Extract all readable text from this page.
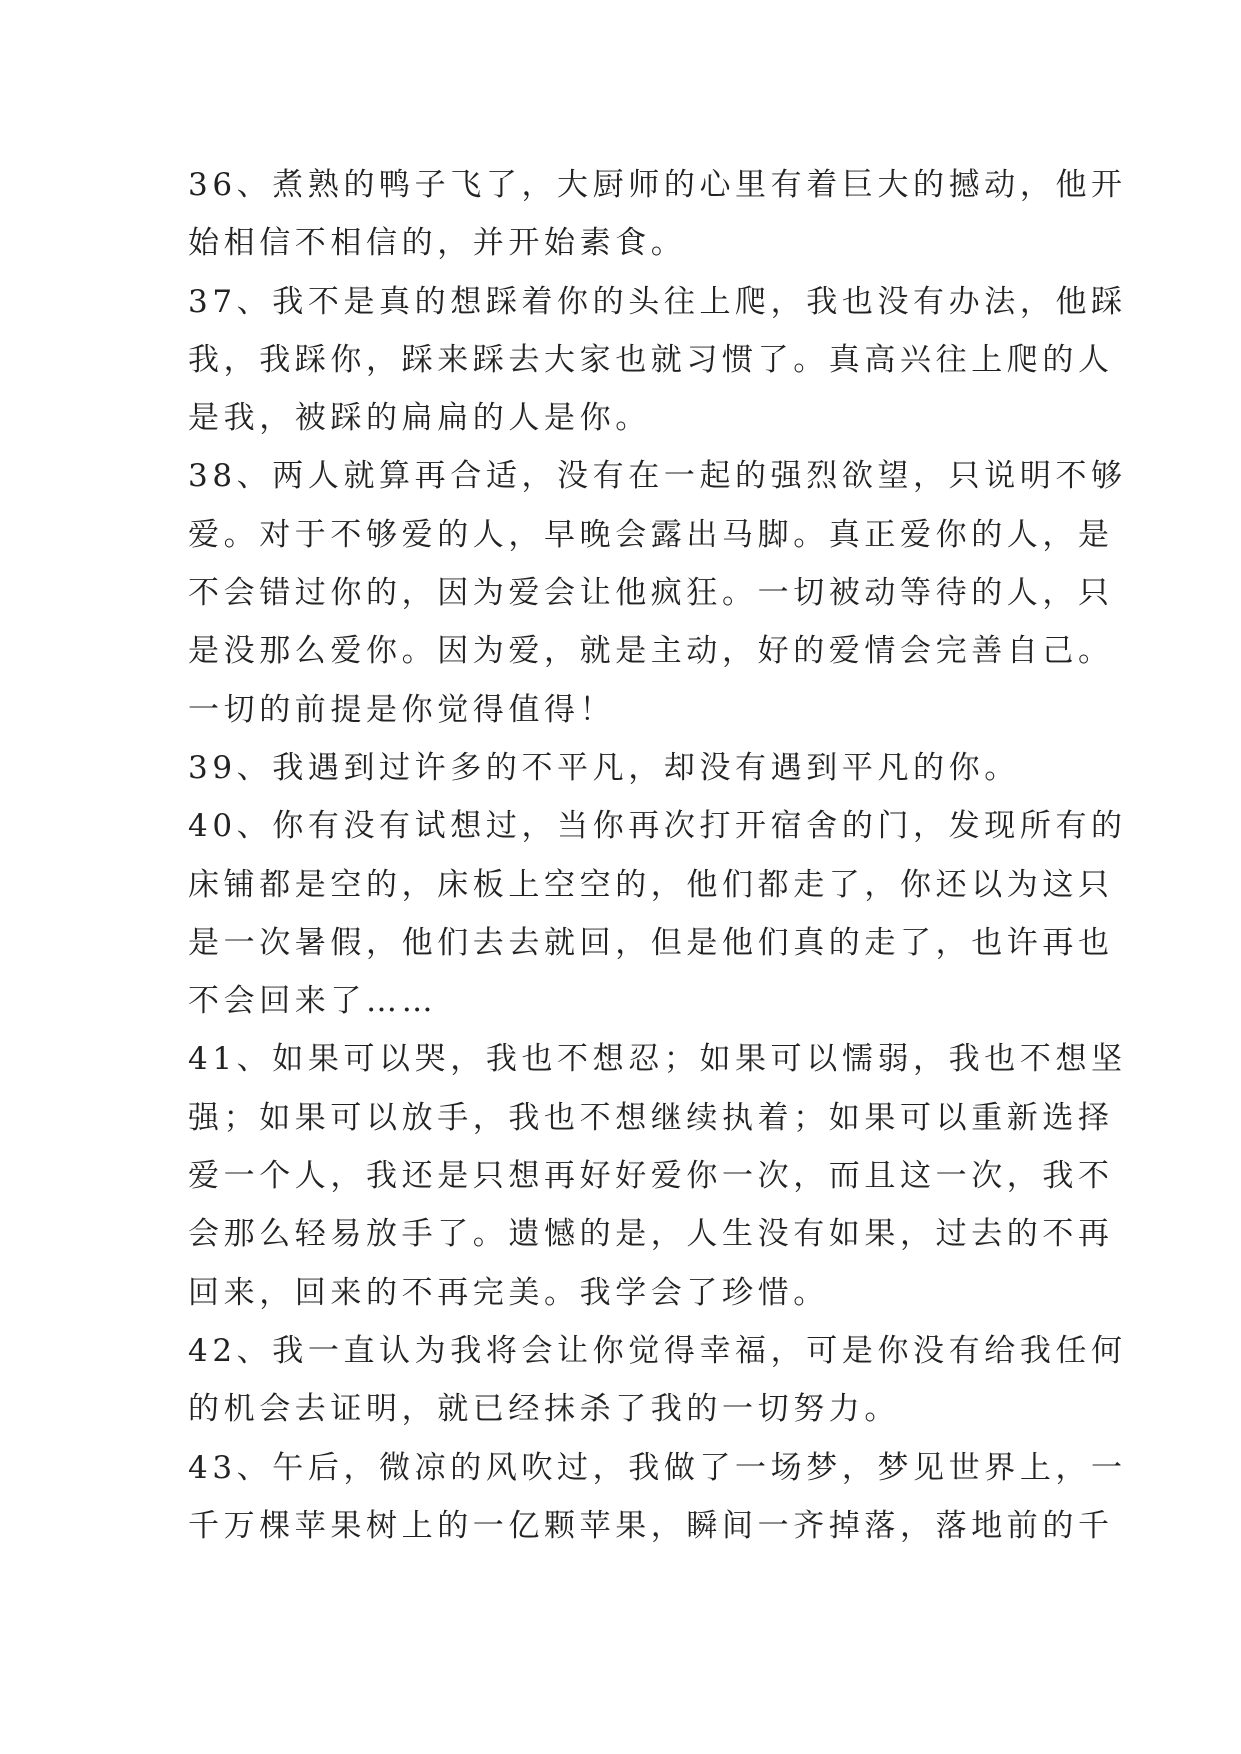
36、煮熟的鸭子飞了，大厨师的心里有着巨大的撼动，他开
始相信不相信的，并开始素食。
37、我不是真的想踩着你的头往上爬，我也没有办法，他踩
我，我踩你，踩来踩去大家也就习惯了。真高兴往上爬的人
是我，被踩的扁扁的人是你。
38、两人就算再合适，没有在一起的强烈欲望，只说明不够
爱。对于不够爱的人，早晚会露出马脚。真正爱你的人，是
不会错过你的，因为爱会让他疯狂。一切被动等待的人，只
是没那么爱你。因为爱，就是主动，好的爱情会完善自己。
一切的前提是你觉得值得！
39、我遇到过许多的不平凡，却没有遇到平凡的你。
40、你有没有试想过，当你再次打开宿舍的门，发现所有的
床铺都是空的，床板上空空的，他们都走了，你还以为这只
是一次暑假，他们去去就回，但是他们真的走了，也许再也
不会回来了……
41、如果可以哭，我也不想忍；如果可以懦弱，我也不想坚
强；如果可以放手，我也不想继续执着；如果可以重新选择
爱一个人，我还是只想再好好爱你一次，而且这一次，我不
会那么轻易放手了。遗憾的是，人生没有如果，过去的不再
回来，回来的不再完美。我学会了珍惜。
42、我一直认为我将会让你觉得幸福，可是你没有给我任何
的机会去证明，就已经抹杀了我的一切努力。
43、午后，微凉的风吹过，我做了一场梦，梦见世界上，一
千万棵苹果树上的一亿颗苹果，瞬间一齐掉落，落地前的千
